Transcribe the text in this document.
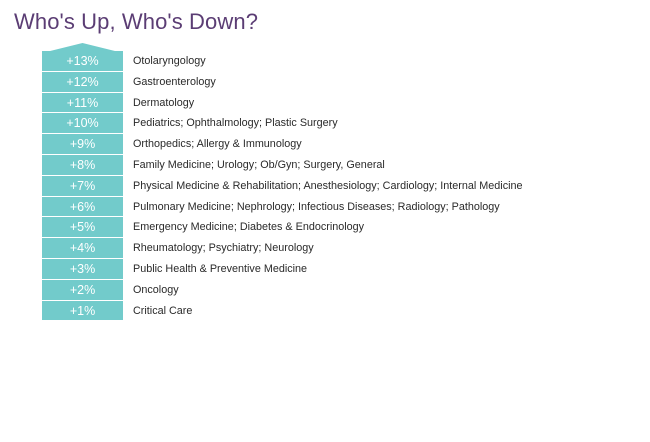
Who's Up, Who's Down?
+13%	Otolaryngology
+12%	Gastroenterology
+11%	Dermatology
+10%	Pediatrics; Ophthalmology; Plastic Surgery
+9%	Orthopedics; Allergy & Immunology
+8%	Family Medicine; Urology; Ob/Gyn; Surgery, General
+7%	Physical Medicine & Rehabilitation; Anesthesiology; Cardiology; Internal Medicine
+6%	Pulmonary Medicine; Nephrology; Infectious Diseases; Radiology; Pathology
+5%	Emergency Medicine; Diabetes & Endocrinology
+4%	Rheumatology; Psychiatry; Neurology
+3%	Public Health & Preventive Medicine
+2%	Oncology
+1%	Critical Care
